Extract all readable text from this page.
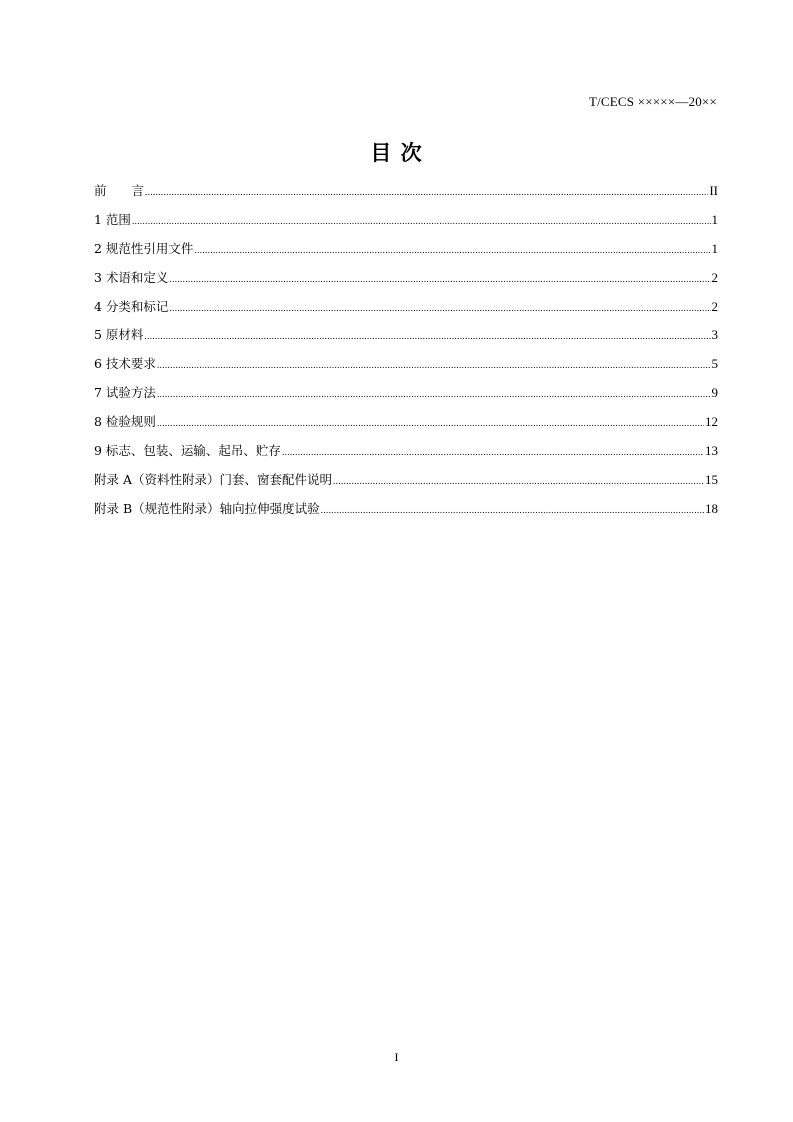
T/CECS ×××××—20××
目 次
前　　言 .....	II
1 范围 .....	1
2 规范性引用文件 .....	1
3 术语和定义 .....	2
4 分类和标记 .....	2
5 原材料 .....	3
6 技术要求 .....	5
7 试验方法 .....	9
8 检验规则 .....	12
9 标志、包装、运输、起吊、贮存 .....	13
附录 A（资料性附录）门套、窗套配件说明 .....	15
附录 B（规范性附录）轴向拉伸强度试验 .....	18
I
